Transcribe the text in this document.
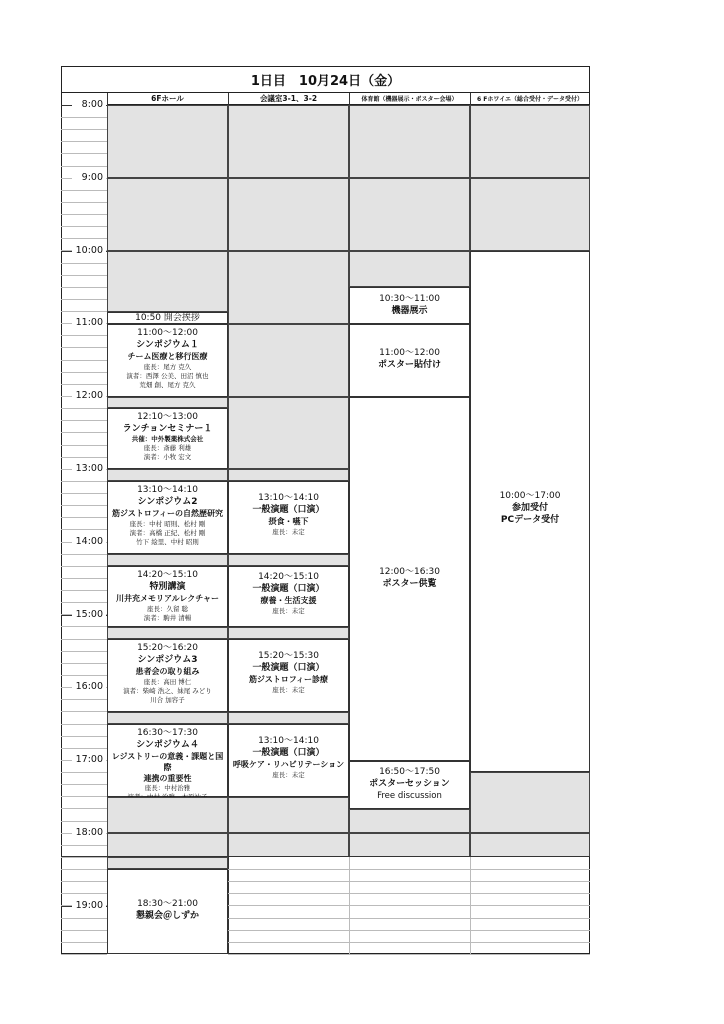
1日目　10月24日（金）
6Fホール	会議室3-1、3-2	体育館（機器展示・ポスター会場）	6 Fホワイエ（総合受付・データ受付）
10:50 開会挨拶
11:00～12:00
シンポジウム１
チーム医療と移行医療
座長：尾方 克久
演者：西澤 公美、田沼 慎也
荒畑 創、尾方 克久
12:10～13:00
ランチョンセミナー１
共催：中外製薬株式会社
座長：斎藤 利雄
演者：小牧 宏文
13:10～14:10
シンポジウム2
筋ジストロフィーの自然歴研究
座長：中村 昭則、松村 剛
演者：高橋 正紀、松村 剛
竹下 絵里、中村 昭則
14:20～15:10
特別講演
川井充メモリアルレクチャー
座長：久留 聡
演者：駒井 清暢
15:20～16:20
シンポジウム3
患者会の取り組み
座長：高田 博仁
演者：柴崎 浩之、妹尾 みどり
川合 加容子
16:30～17:30
シンポジウム４
レジストリーの意義・課題と国際
連携の重要性
座長：中村治雅
18:30～21:00
懇親会＠しずか
13:10～14:10
一般演題（口演）
摂食・嚥下
座長：未定
14:20～15:10
一般演題（口演）
療養・生活支援
座長：未定
15:20～15:30
一般演題（口演）
筋ジストロフィー診療
座長：未定
13:10～14:10
一般演題（口演）
呼吸ケア・リハビリテーション
座長：未定
10:30～11:00
機器展示
11:00～12:00
ポスター貼付け
12:00～16:30
ポスター供覧
16:50～17:50
ポスターセッション
Free discussion
10:00～17:00
参加受付
PCデータ受付
8:00
9:00
10:00
11:00
12:00
13:00
14:00
15:00
16:00
17:00
18:00
19:00
